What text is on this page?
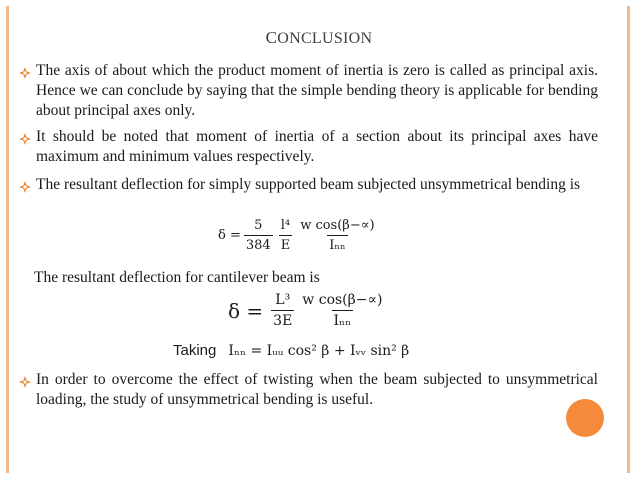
CONCLUSION
The axis of about which the product moment of inertia is zero is called as principal axis. Hence we can conclude by saying that the simple bending theory is applicable for bending about principal axes only.
It should be noted that moment of inertia of a section about its principal axes have maximum and minimum values respectively.
The resultant deflection for simply supported beam subjected unsymmetrical bending is
$\delta = \frac{5}{384} \frac{\text{l⁴}}{E} \frac{\text{w cos(β−∝)}}{\text{Iₙₙ}}$
The resultant deflection for cantilever beam is
$\delta = \frac{\text{L³}}{3E} \frac{\text{w cos(β−∝)}}{\text{Iₙₙ}}$
Taking Iₙₙ = Iᵤᵤ cos² β + Iᵥᵥ sin² β
In order to overcome the effect of twisting when the beam subjected to unsymmetrical loading, the study of unsymmetrical bending is useful.
